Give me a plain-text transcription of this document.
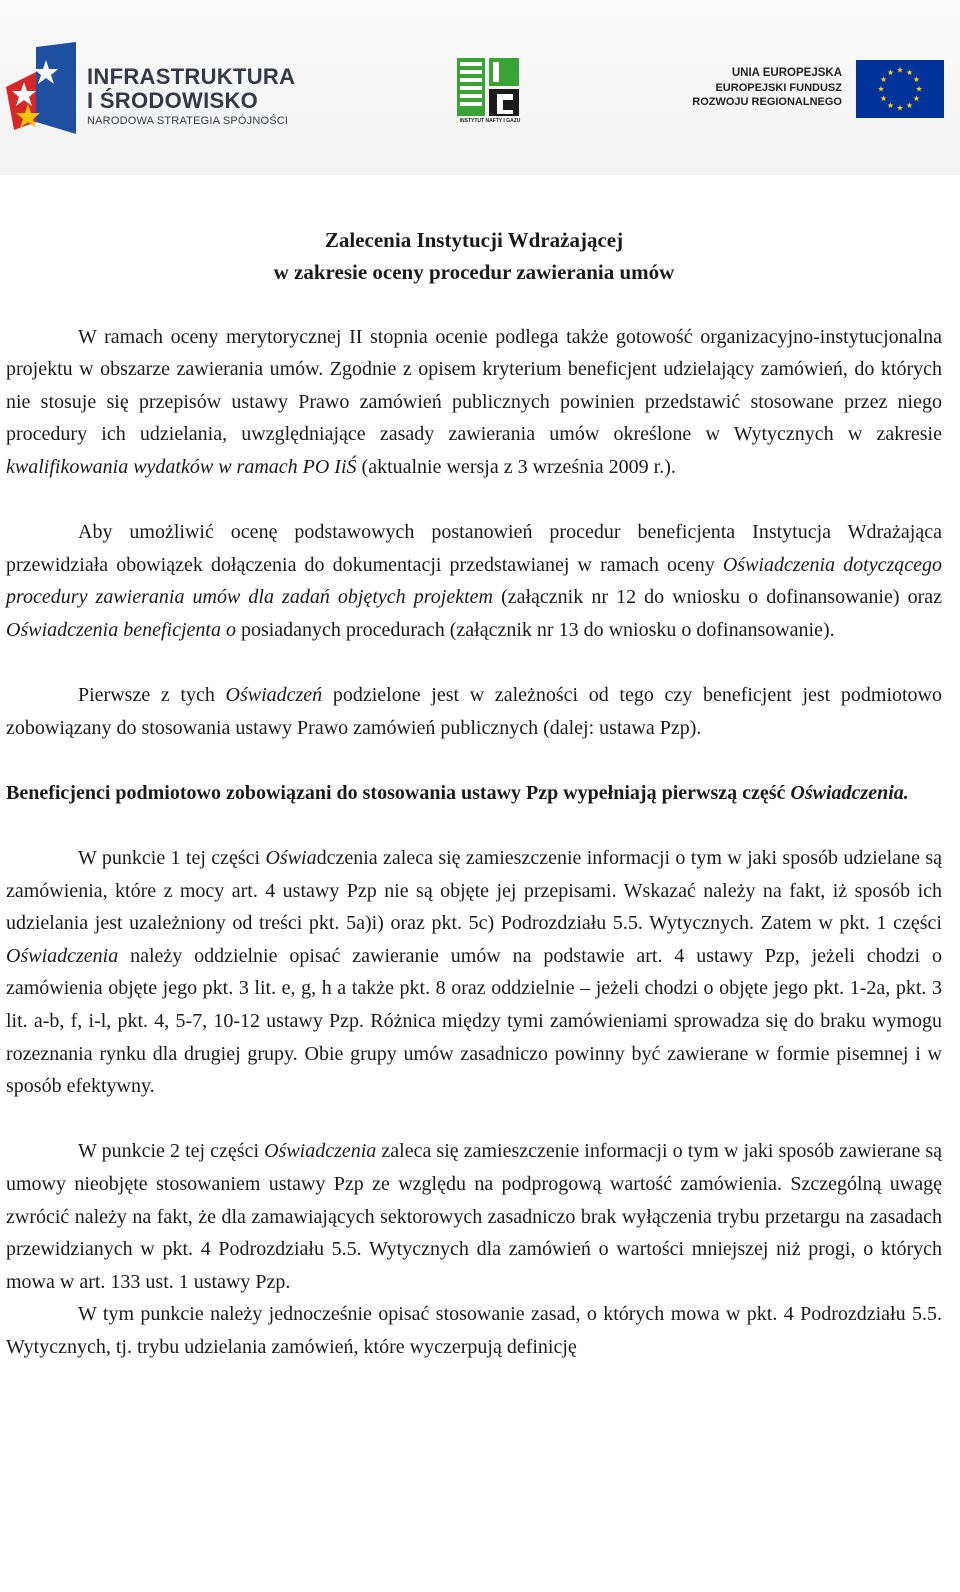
INFRASTRUKTURA
I ŚRODOWISKO
NARODOWA STRATEGIA SPÓJNOŚCI	INSTYTUT NAFTY I GAZU
UNIA EUROPEJSKA
EUROPEJSKI FUNDUSZ
ROZWOJU REGIONALNEGO

Zalecenia Instytucji Wdrażającej

w zakresie oceny procedur zawierania umów

W ramach oceny merytorycznej II stopnia ocenie podlega także gotowość organizacyjno-instytucjonalna projektu w obszarze zawierania umów. Zgodnie z opisem kryterium beneficjent udzielający zamówień, do których nie stosuje się przepisów ustawy Prawo zamówień publicznych powinien przedstawić stosowane przez niego procedury ich udzielania, uwzględniające zasady zawierania umów określone w Wytycznych w zakresie kwalifikowania wydatków w ramach PO IiŚ (aktualnie wersja z 3 września 2009 r.).

Aby umożliwić ocenę podstawowych postanowień procedur beneficjenta Instytucja Wdrażająca przewidziała obowiązek dołączenia do dokumentacji przedstawianej w ramach oceny Oświadczenia dotyczącego procedury zawierania umów dla zadań objętych projektem (załącznik nr 12 do wniosku o dofinansowanie) oraz Oświadczenia beneficjenta o posiadanych procedurach (załącznik nr 13 do wniosku o dofinansowanie).

Pierwsze z tych Oświadczeń podzielone jest w zależności od tego czy beneficjent jest podmiotowo zobowiązany do stosowania ustawy Prawo zamówień publicznych (dalej: ustawa Pzp).

Beneficjenci podmiotowo zobowiązani do stosowania ustawy Pzp wypełniają pierwszą część Oświadczenia.

W punkcie 1 tej części Oświadczenia zaleca się zamieszczenie informacji o tym w jaki sposób udzielane są zamówienia, które z mocy art. 4 ustawy Pzp nie są objęte jej przepisami. Wskazać należy na fakt, iż sposób ich udzielania jest uzależniony od treści pkt. 5a)i) oraz pkt. 5c) Podrozdziału 5.5. Wytycznych. Zatem w pkt. 1 części Oświadczenia należy oddzielnie opisać zawieranie umów na podstawie art. 4 ustawy Pzp, jeżeli chodzi o zamówienia objęte jego pkt. 3 lit. e, g, h a także pkt. 8 oraz oddzielnie – jeżeli chodzi o objęte jego pkt. 1-2a, pkt. 3 lit. a-b, f, i-l, pkt. 4, 5-7, 10-12 ustawy Pzp. Różnica między tymi zamówieniami sprowadza się do braku wymogu rozeznania rynku dla drugiej grupy. Obie grupy umów zasadniczo powinny być zawierane w formie pisemnej i w sposób efektywny.

W punkcie 2 tej części Oświadczenia zaleca się zamieszczenie informacji o tym w jaki sposób zawierane są umowy nieobjęte stosowaniem ustawy Pzp ze względu na podprogową wartość zamówienia. Szczególną uwagę zwrócić należy na fakt, że dla zamawiających sektorowych zasadniczo brak wyłączenia trybu przetargu na zasadach przewidzianych w pkt. 4 Podrozdziału 5.5. Wytycznych dla zamówień o wartości mniejszej niż progi, o których mowa w art. 133 ust. 1 ustawy Pzp.

W tym punkcie należy jednocześnie opisać stosowanie zasad, o których mowa w pkt. 4 Podrozdziału 5.5. Wytycznych, tj. trybu udzielania zamówień, które wyczerpują definicję
